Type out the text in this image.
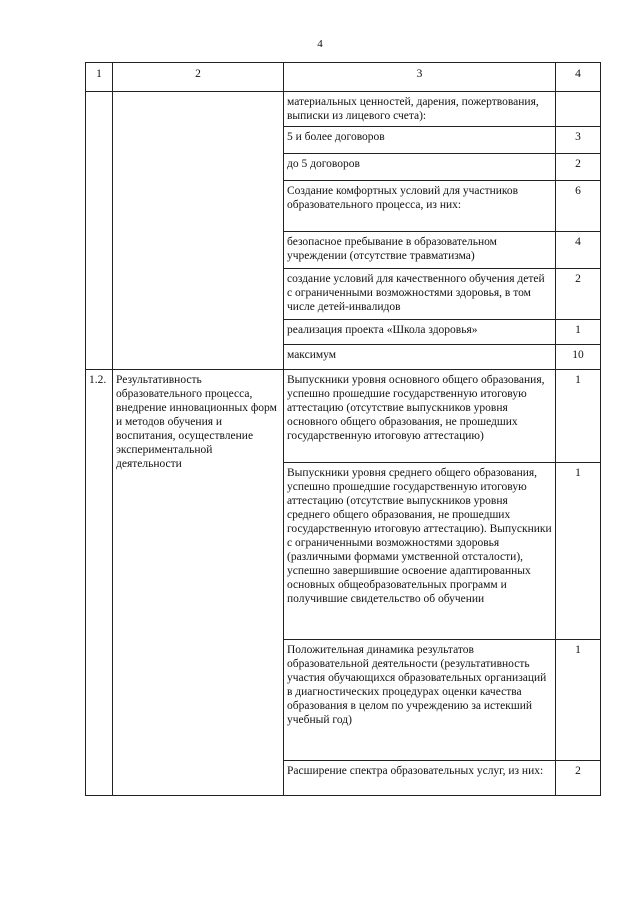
4
1	2	3	4
		материальных ценностей, дарения, пожертвования, выписки из лицевого счета):	
		5 и более договоров	3
		до 5 договоров	2
		Создание комфортных условий для участников образовательного процесса, из них:	6
		безопасное пребывание в образовательном учреждении (отсутствие травматизма)	4
		создание условий для качественного обучения детей с ограниченными возможностями здоровья, в том числе детей-инвалидов	2
		реализация проекта «Школа здоровья»	1
		максимум	10
1.2.	Результативность образовательного процесса, внедрение инновационных форм и методов обучения и воспитания, осуществление экспериментальной деятельности	Выпускники уровня основного общего образования, успешно прошедшие государственную итоговую аттестацию (отсутствие выпускников уровня основного общего образования, не прошедших государственную итоговую аттестацию)	1
		Выпускники уровня среднего общего образования, успешно прошедшие государственную итоговую аттестацию (отсутствие выпускников уровня среднего общего образования, не прошедших государственную итоговую аттестацию). Выпускники с ограниченными возможностями здоровья (различными формами умственной отсталости), успешно завершившие освоение адаптированных основных общеобразовательных программ и получившие свидетельство об обучении	1
		Положительная динамика результатов образовательной деятельности (результативность участия обучающихся образовательных организаций в диагностических процедурах оценки качества образования в целом по учреждению за истекший учебный год)	1
		Расширение спектра образовательных услуг, из них:	2
